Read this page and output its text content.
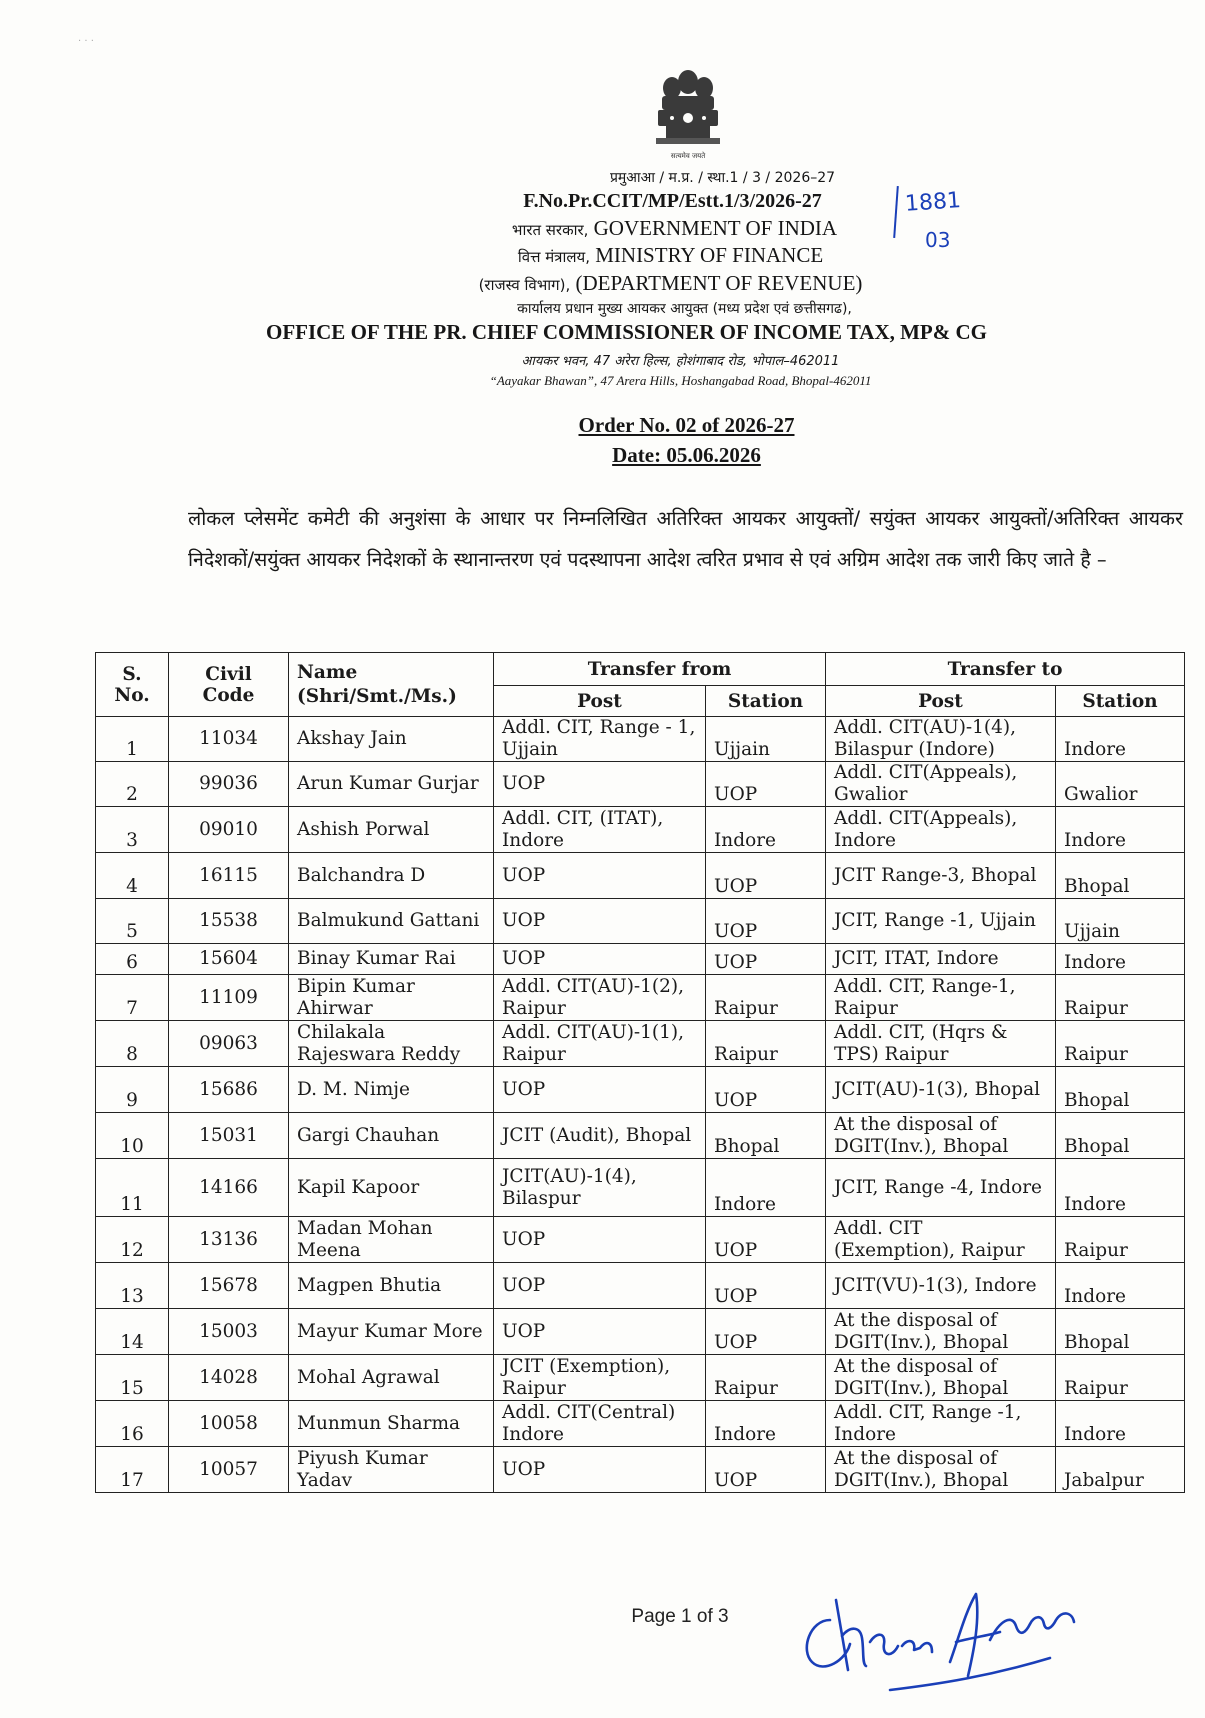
· · ·
सत्यमेव जयते
प्रमुआआ / म.प्र. / स्था.1 / 3 / 2026–27
F.No.Pr.CCIT/MP/Estt.1/3/2026-27
भारत सरकार, GOVERNMENT OF INDIA
वित्त मंत्रालय, MINISTRY OF FINANCE
(राजस्व विभाग), (DEPARTMENT OF REVENUE)
कार्यालय प्रधान मुख्य आयकर आयुक्त (मध्य प्रदेश एवं छत्तीसगढ),
OFFICE OF THE PR. CHIEF COMMISSIONER OF INCOME TAX, MP& CG
आयकर भवन, 47 अरेरा हिल्स, होशंगाबाद रोड, भोपाल–462011
“Aayakar Bhawan”, 47 Arera Hills, Hoshangabad Road, Bhopal-462011
1881
03
Order No. 02 of 2026-27
Date: 05.06.2026

लोकल प्लेसमेंट कमेटी की अनुशंसा के आधार पर निम्नलिखित अतिरिक्त आयकर आयुक्तों/ सयुंक्त आयकर आयुक्तों/अतिरिक्त आयकर निदेशकों/सयुंक्त आयकर निदेशकों के स्थानान्तरण एवं पदस्थापना आदेश त्वरित प्रभाव से एवं अग्रिम आदेश तक जारी किए जाते है –

S. No.	Civil Code	Name (Shri/Smt./Ms.)	Transfer from		Transfer to	
			Post	Station	Post	Station
1	11034	Akshay Jain	Addl. CIT, Range - 1, Ujjain	Ujjain	Addl. CIT(AU)-1(4), Bilaspur (Indore)	Indore
2	99036	Arun Kumar Gurjar	UOP	UOP	Addl. CIT(Appeals), Gwalior	Gwalior
3	09010	Ashish Porwal	Addl. CIT, (ITAT), Indore	Indore	Addl. CIT(Appeals), Indore	Indore
4	16115	Balchandra D	UOP	UOP	JCIT Range-3, Bhopal	Bhopal
5	15538	Balmukund Gattani	UOP	UOP	JCIT, Range -1, Ujjain	Ujjain
6	15604	Binay Kumar Rai	UOP	UOP	JCIT, ITAT, Indore	Indore
7	11109	Bipin Kumar Ahirwar	Addl. CIT(AU)-1(2), Raipur	Raipur	Addl. CIT, Range-1, Raipur	Raipur
8	09063	Chilakala Rajeswara Reddy	Addl. CIT(AU)-1(1), Raipur	Raipur	Addl. CIT, (Hqrs & TPS) Raipur	Raipur
9	15686	D. M. Nimje	UOP	UOP	JCIT(AU)-1(3), Bhopal	Bhopal
10	15031	Gargi Chauhan	JCIT (Audit), Bhopal	Bhopal	At the disposal of DGIT(Inv.), Bhopal	Bhopal
11	14166	Kapil Kapoor	JCIT(AU)-1(4), Bilaspur	Indore	JCIT, Range -4, Indore	Indore
12	13136	Madan Mohan Meena	UOP	UOP	Addl. CIT (Exemption), Raipur	Raipur
13	15678	Magpen Bhutia	UOP	UOP	JCIT(VU)-1(3), Indore	Indore
14	15003	Mayur Kumar More	UOP	UOP	At the disposal of DGIT(Inv.), Bhopal	Bhopal
15	14028	Mohal Agrawal	JCIT (Exemption), Raipur	Raipur	At the disposal of DGIT(Inv.), Bhopal	Raipur
16	10058	Munmun Sharma	Addl. CIT(Central) Indore	Indore	Addl. CIT, Range -1, Indore	Indore
17	10057	Piyush Kumar Yadav	UOP	UOP	At the disposal of DGIT(Inv.), Bhopal	Jabalpur
Page 1 of 3
